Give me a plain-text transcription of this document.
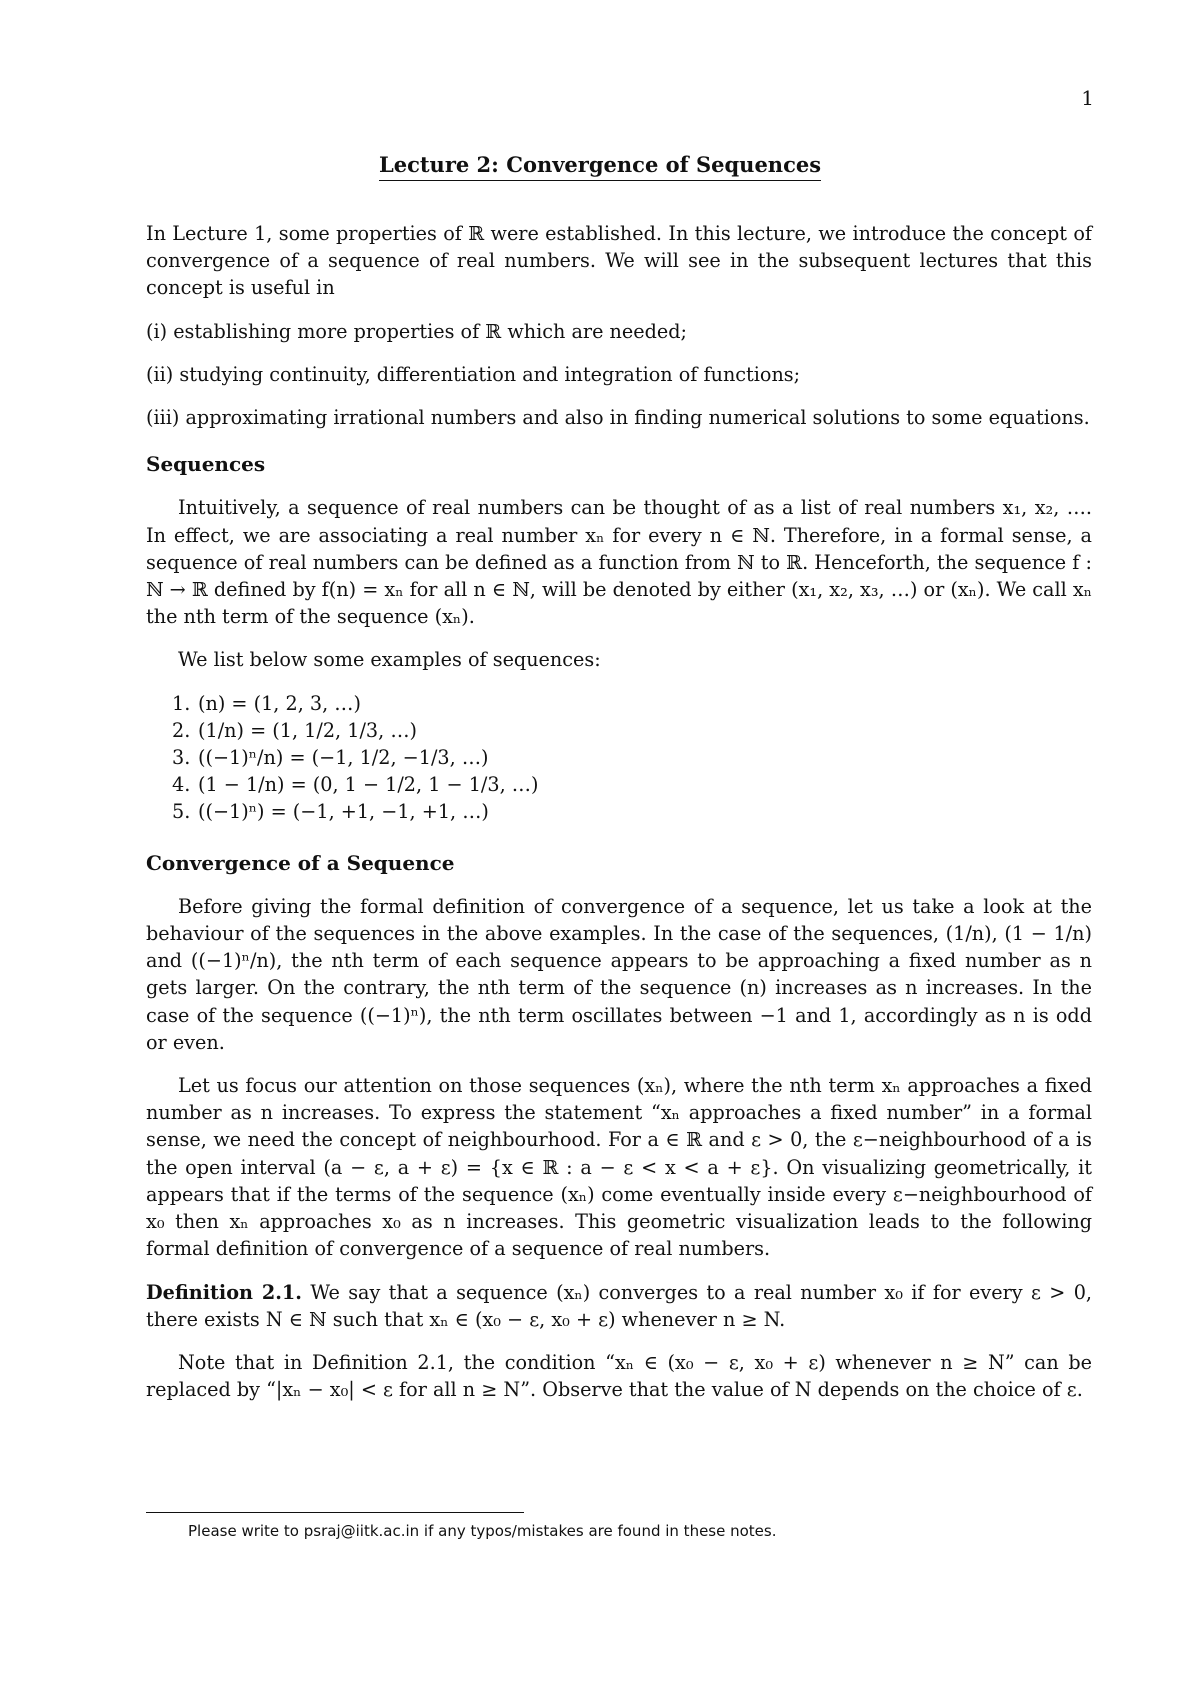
1
Lecture 2: Convergence of Sequences

In Lecture 1, some properties of ℝ were established. In this lecture, we introduce the concept of convergence of a sequence of real numbers. We will see in the subsequent lectures that this concept is useful in

(i) establishing more properties of ℝ which are needed;

(ii) studying continuity, differentiation and integration of functions;

(iii) approximating irrational numbers and also in finding numerical solutions to some equations.

Sequences

Intuitively, a sequence of real numbers can be thought of as a list of real numbers x₁, x₂, …. In effect, we are associating a real number xₙ for every n ∈ ℕ. Therefore, in a formal sense, a sequence of real numbers can be defined as a function from ℕ to ℝ. Henceforth, the sequence f : ℕ → ℝ defined by f(n) = xₙ for all n ∈ ℕ, will be denoted by either (x₁, x₂, x₃, …) or (xₙ). We call xₙ the nth term of the sequence (xₙ).

We list below some examples of sequences:

1. (n) = (1, 2, 3, …)
2. (1/n) = (1, 1/2, 1/3, …)
3. ((−1)ⁿ/n) = (−1, 1/2, −1/3, …)
4. (1 − 1/n) = (0, 1 − 1/2, 1 − 1/3, …)
5. ((−1)ⁿ) = (−1, +1, −1, +1, …)

Convergence of a Sequence

Before giving the formal definition of convergence of a sequence, let us take a look at the behaviour of the sequences in the above examples. In the case of the sequences, (1/n), (1 − 1/n) and ((−1)ⁿ/n), the nth term of each sequence appears to be approaching a fixed number as n gets larger. On the contrary, the nth term of the sequence (n) increases as n increases. In the case of the sequence ((−1)ⁿ), the nth term oscillates between −1 and 1, accordingly as n is odd or even.

Let us focus our attention on those sequences (xₙ), where the nth term xₙ approaches a fixed number as n increases. To express the statement “xₙ approaches a fixed number” in a formal sense, we need the concept of neighbourhood. For a ∈ ℝ and ε > 0, the ε−neighbourhood of a is the open interval (a − ε, a + ε) = {x ∈ ℝ : a − ε < x < a + ε}. On visualizing geometrically, it appears that if the terms of the sequence (xₙ) come eventually inside every ε−neighbourhood of x₀ then xₙ approaches x₀ as n increases. This geometric visualization leads to the following formal definition of convergence of a sequence of real numbers.

Definition 2.1. We say that a sequence (xₙ) converges to a real number x₀ if for every ε > 0, there exists N ∈ ℕ such that xₙ ∈ (x₀ − ε, x₀ + ε) whenever n ≥ N.

Note that in Definition 2.1, the condition “xₙ ∈ (x₀ − ε, x₀ + ε) whenever n ≥ N” can be replaced by “|xₙ − x₀| < ε for all n ≥ N”. Observe that the value of N depends on the choice of ε.

Please write to psraj@iitk.ac.in if any typos/mistakes are found in these notes.
